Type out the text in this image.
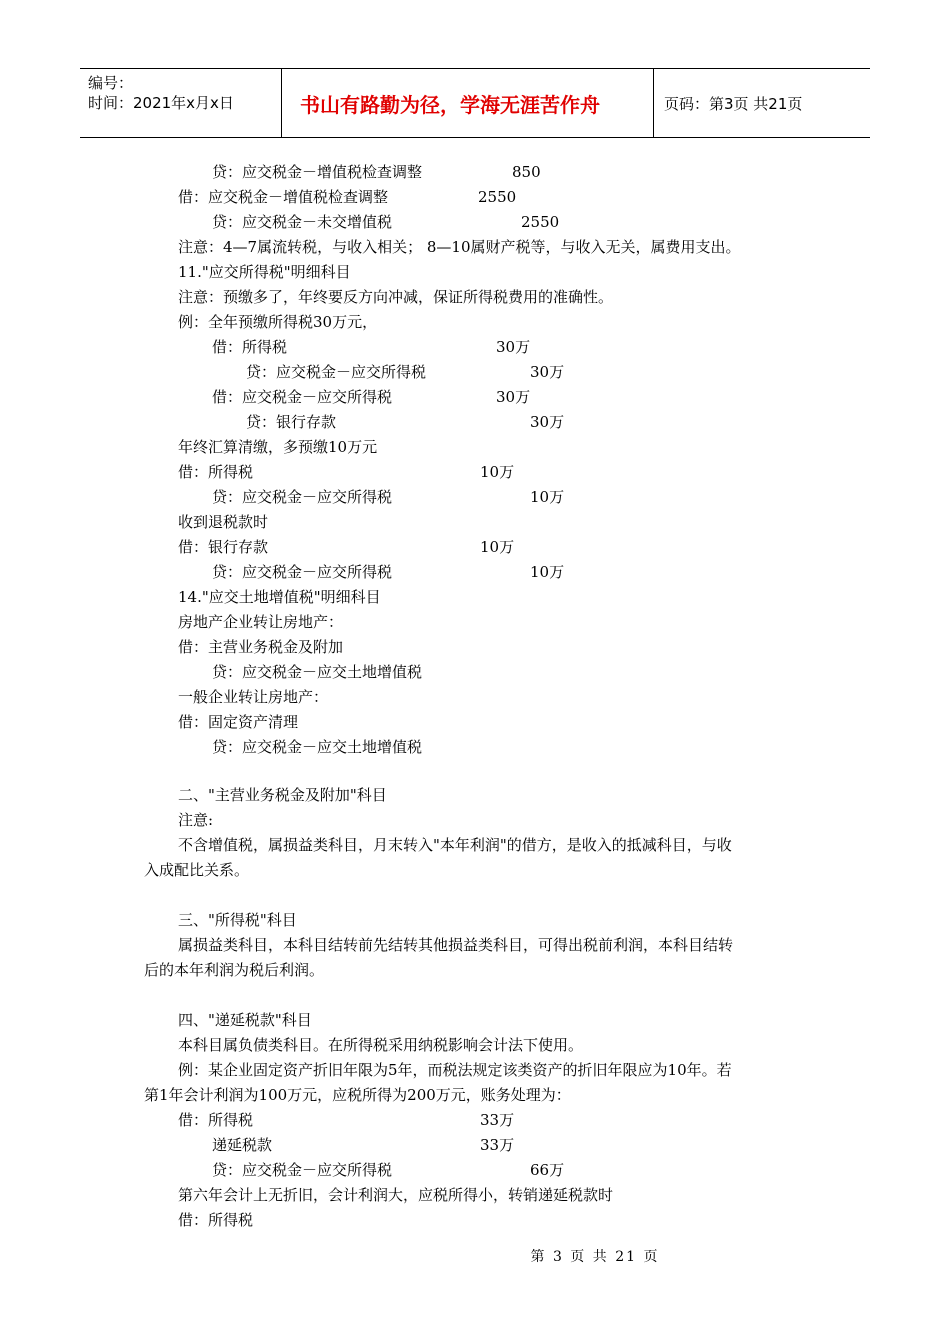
编号：
时间：2021年x月x日	书山有路勤为径，学海无涯苦作舟	页码：第3页 共21页
贷：应交税金－增值税检查调整	850
借：应交税金－增值税检查调整	2550
贷：应交税金－未交增值税	2550
注意：4—7属流转税，与收入相关； 8—10属财产税等，与收入无关，属费用支出。
11."应交所得税"明细科目
注意：预缴多了，年终要反方向冲减，保证所得税费用的准确性。
例：全年预缴所得税30万元，
借：所得税	30万
贷：应交税金－应交所得税	30万
借：应交税金－应交所得税	30万
贷：银行存款	30万
年终汇算清缴，多预缴10万元
借：所得税	10万
贷：应交税金－应交所得税	10万
收到退税款时
借：银行存款	10万
贷：应交税金－应交所得税	10万
14."应交土地增值税"明细科目
房地产企业转让房地产：
借：主营业务税金及附加
贷：应交税金－应交土地增值税
一般企业转让房地产：
借：固定资产清理
贷：应交税金－应交土地增值税
二、"主营业务税金及附加"科目
注意:
不含增值税，属损益类科目，月末转入"本年利润"的借方，是收入的抵减科目，与收
入成配比关系。
三、"所得税"科目
属损益类科目，本科目结转前先结转其他损益类科目，可得出税前利润，本科目结转
后的本年利润为税后利润。
四、"递延税款"科目
本科目属负债类科目。在所得税采用纳税影响会计法下使用。
例：某企业固定资产折旧年限为5年，而税法规定该类资产的折旧年限应为10年。若
第1年会计利润为100万元，应税所得为200万元，账务处理为：
借：所得税	33万
递延税款	33万
贷：应交税金－应交所得税	66万
第六年会计上无折旧，会计利润大，应税所得小，转销递延税款时
借：所得税
第 3 页 共 21 页
